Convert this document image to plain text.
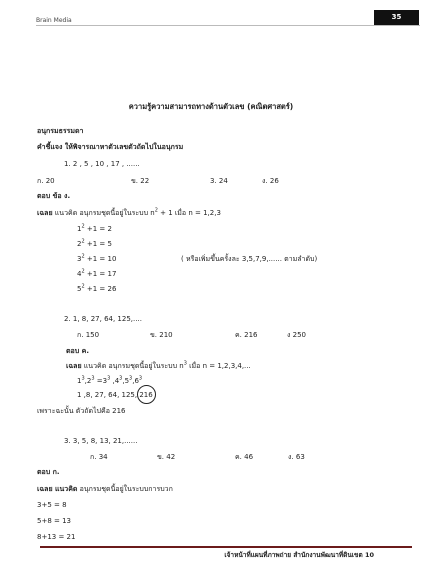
Brain Media	35
ความรู้ความสามารถทางด้านตัวเลข (คณิตศาสตร์)
อนุกรมธรรมดา
คำชี้แจง ให้พิจารณาหาตัวเลขตัวถัดไปในอนุกรม
1. 2 , 5 , 10 , 17 , ......
ก. 20	ข. 22	3. 24	ง. 26
ตอบ ข้อ ง.
เฉลย แนวคิด อนุกรมชุดนี้อยู่ในระบบ $n^2 + 1$ เมื่อ n = 1,2,3
$1^2 +1 = 2$
$2^2 +1 = 5$
$3^2 +1 = 10$	( หรือเพิ่มขึ้นครั้งละ 3,5,7,9,...... ตามลำดับ)
$4^2 +1 = 17$
$5^2 +1 = 26$
2. 1, 8, 27, 64, 125,....
ก. 150	ข. 210	ค. 216	ง 250
ตอบ ค.
เฉลย แนวคิด อนุกรมชุดนี้อยู่ในระบบ $n^3$ เมื่อ n = 1,2,3,4,...
$1^3,2^3 =3^3$ $,4^3,5^3,6^3$
1 ,8, 27, 64, 125, 216
เพราะฉะนั้น ตัวถัดไปคือ 216
3. 3, 5, 8, 13, 21,......
ก. 34	ข. 42	ค. 46	ง. 63
ตอบ ก.
เฉลย แนวคิด อนุกรมชุดนี้อยู่ในระบบการบวก
3+5 = 8
5+8 = 13
8+13 = 21
เจ้าหน้าที่แผนที่ภาพถ่าย สำนักงานพัฒนาที่ดินเขต 10
